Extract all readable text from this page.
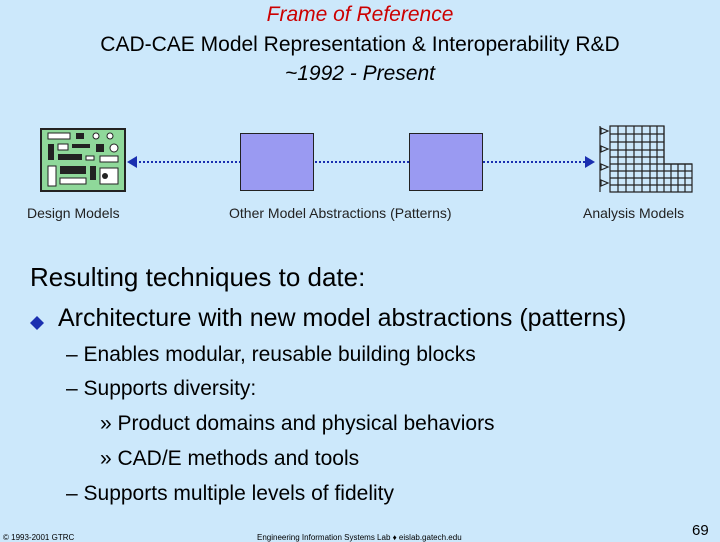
Frame of Reference
CAD-CAE Model Representation & Interoperability R&D
~1992 - Present
Design Models	Other Model Abstractions (Patterns)	Analysis Models
Resulting techniques to date:
Architecture with new model abstractions (patterns)
– Enables modular, reusable building blocks
– Supports diversity:
» Product domains and physical behaviors
» CAD/E methods and tools
– Supports multiple levels of fidelity
© 1993-2001 GTRC	Engineering Information Systems Lab ♦ eislab.gatech.edu	69
